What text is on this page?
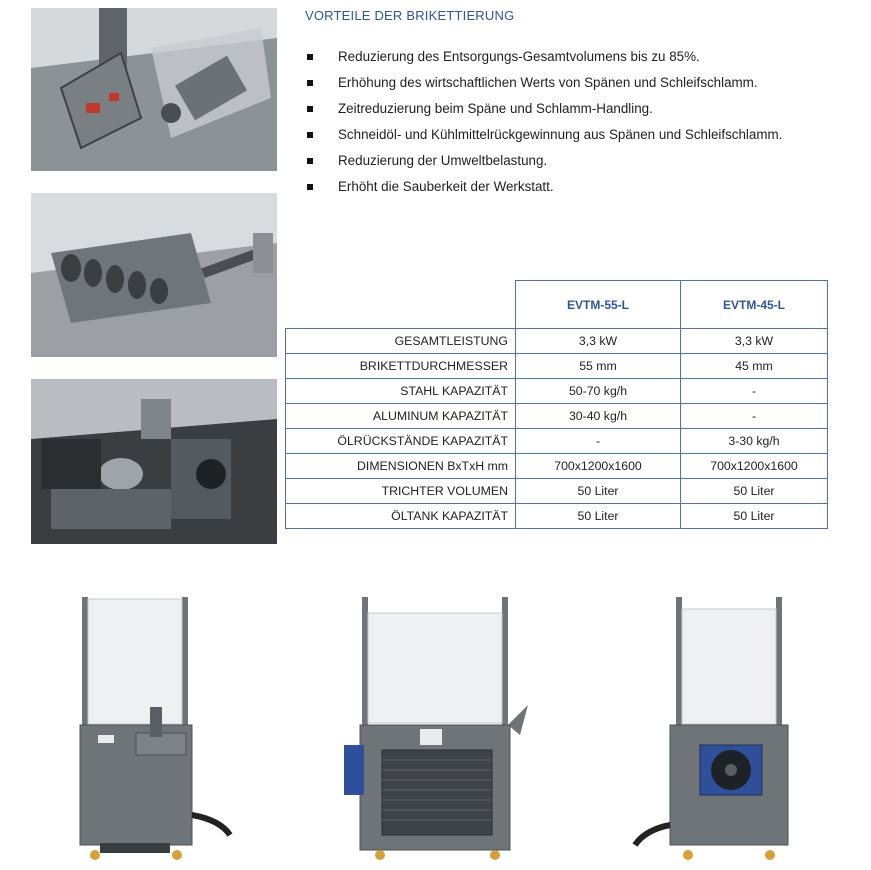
VORTEILE DER BRIKETTIERUNG
Reduzierung des Entsorgungs-Gesamtvolumens bis zu 85%.
Erhöhung des wirtschaftlichen Werts von Spänen und Schleifschlamm.
Zeitreduzierung beim Späne und Schlamm-Handling.
Schneidöl- und Kühlmittelrückgewinnung aus Spänen und Schleifschlamm.
Reduzierung der Umweltbelastung.
Erhöht die Sauberkeit der Werkstatt.
	EVTM-55-L	EVTM-45-L
GESAMTLEISTUNG	3,3 kW	3,3 kW
BRIKETTDURCHMESSER	55 mm	45 mm
STAHL KAPAZITÄT	50-70 kg/h	-
ALUMINUM KAPAZITÄT	30-40 kg/h	-
ÖLRÜCKSTÄNDE KAPAZITÄT	-	3-30 kg/h
DIMENSIONEN BxTxH mm	700x1200x1600	700x1200x1600
TRICHTER VOLUMEN	50 Liter	50 Liter
ÖLTANK KAPAZITÄT	50 Liter	50 Liter
